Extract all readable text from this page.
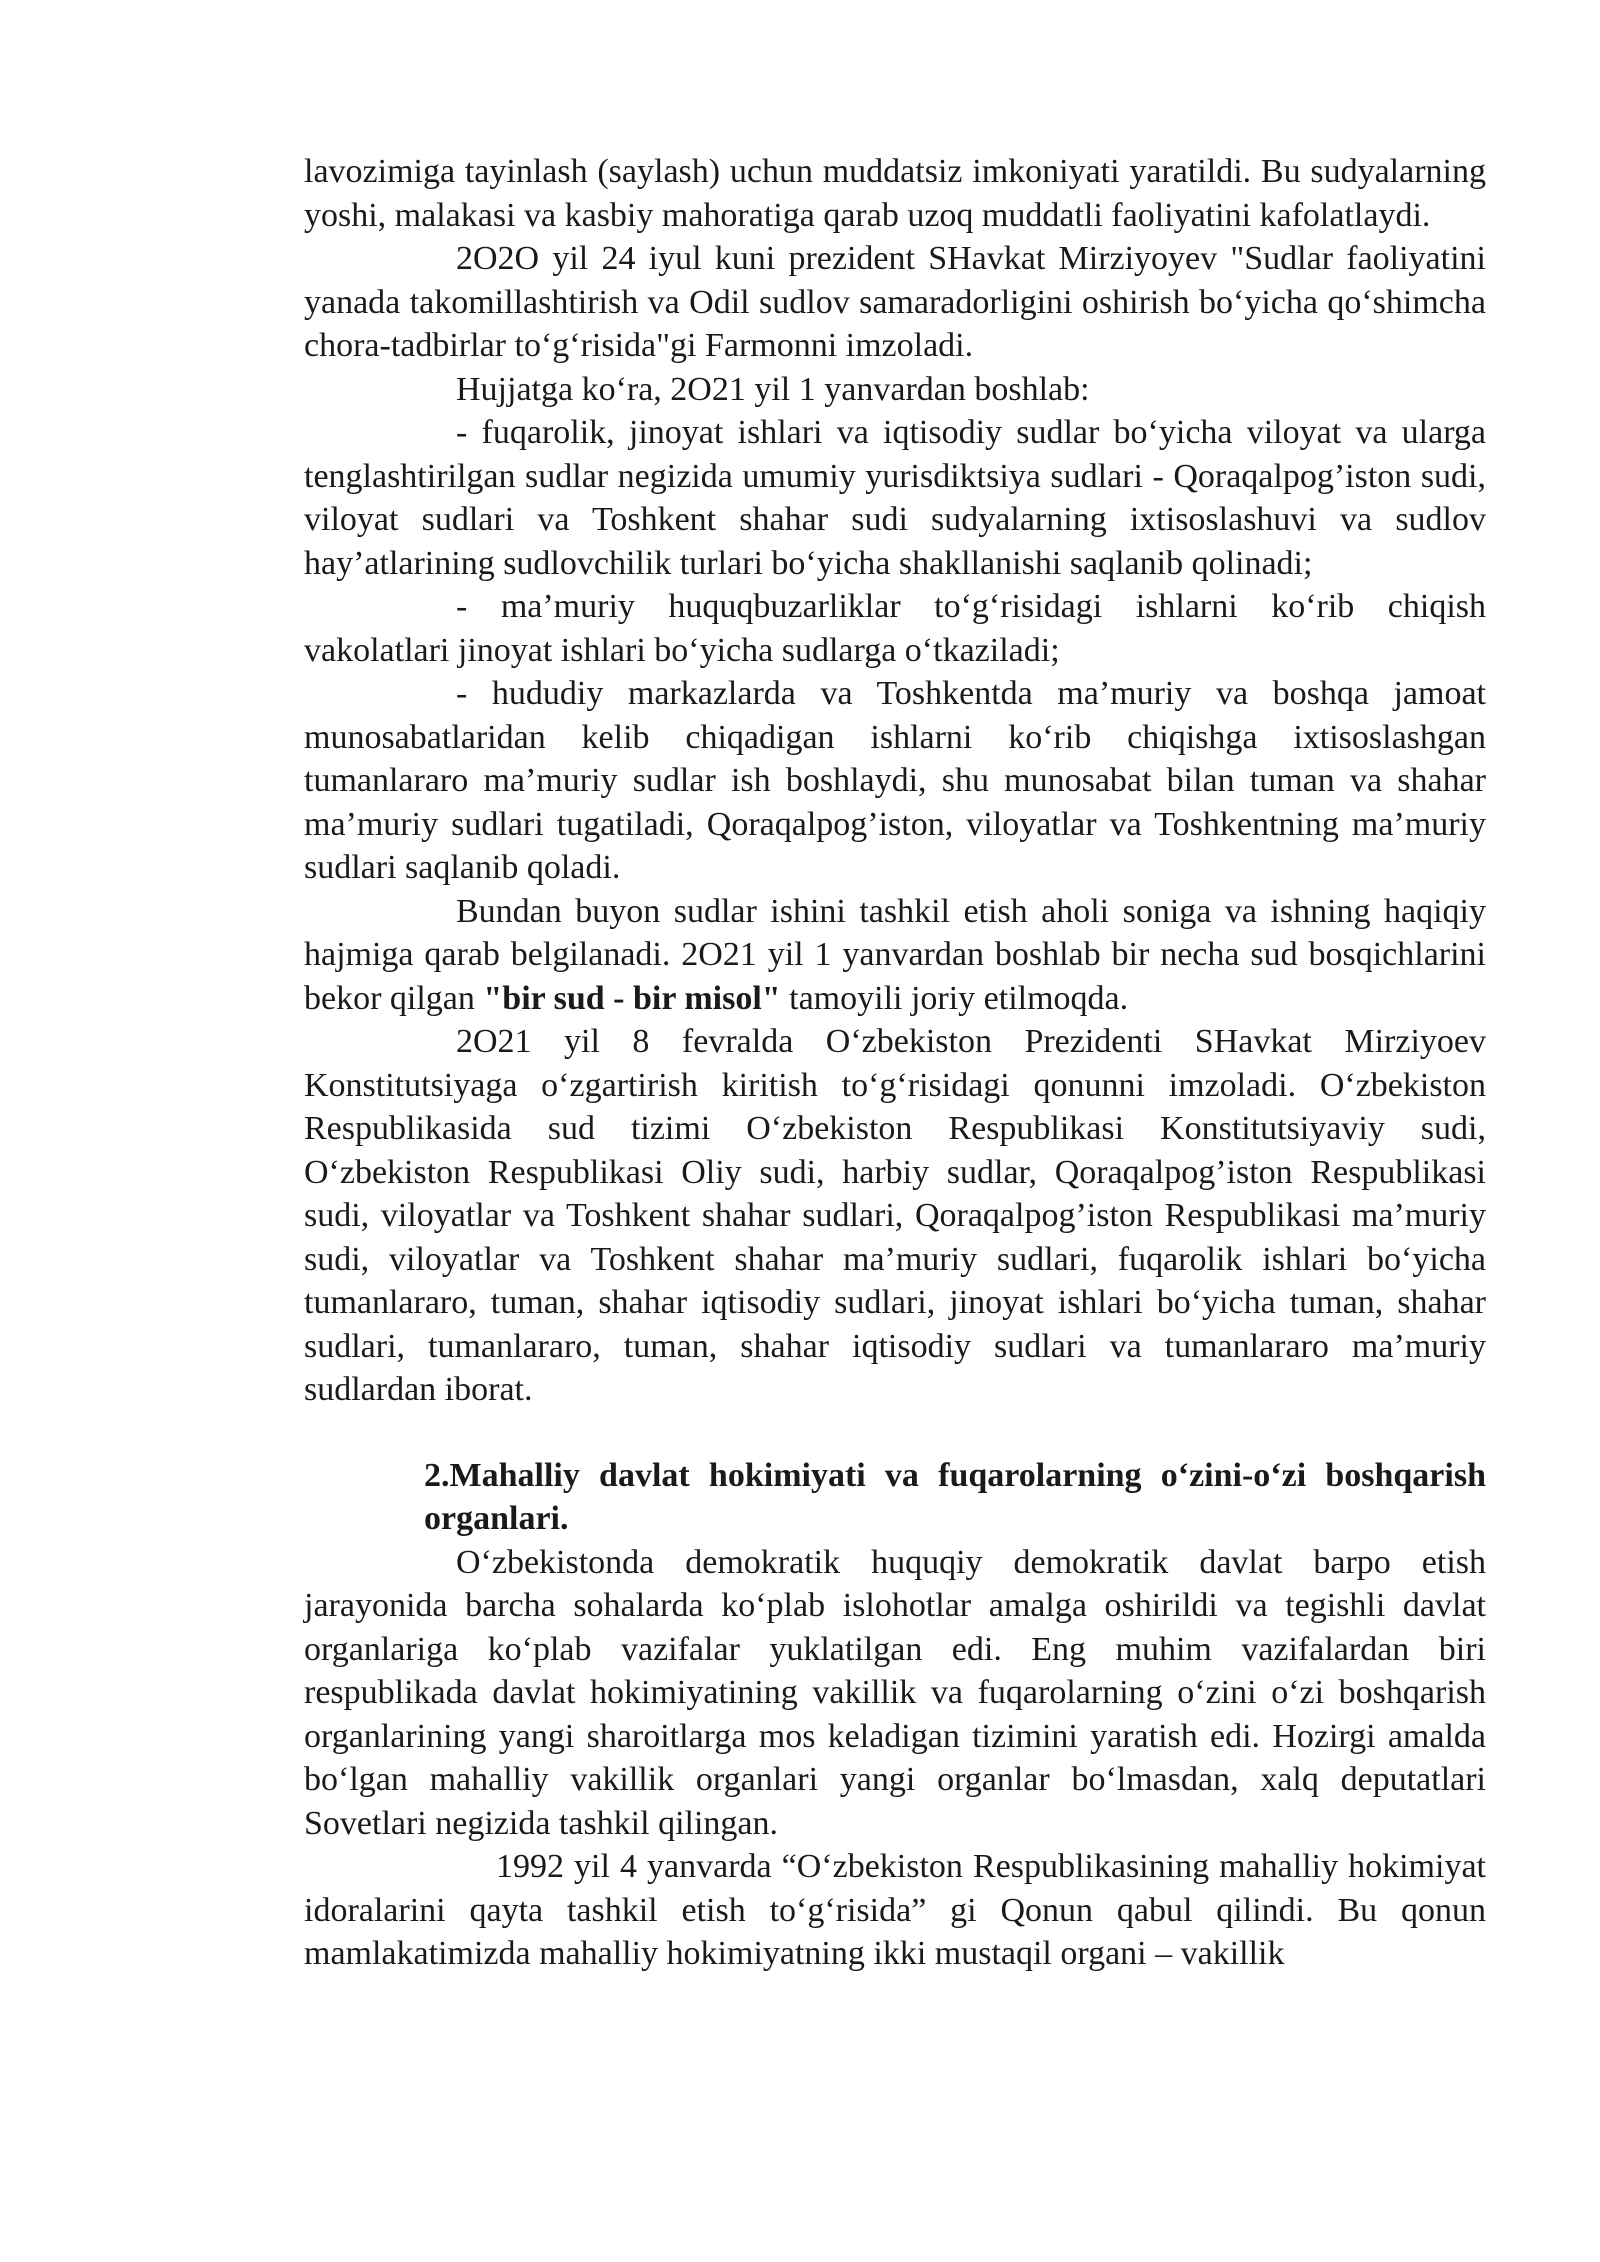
lavozimiga tayinlash (saylash) uchun muddatsiz imkoniyati yaratildi. Bu sudyalarning yoshi, malakasi va kasbiy mahoratiga qarab uzoq muddatli faoliyatini kafolatlaydi.

2O2O yil 24 iyul kuni prezident SHavkat Mirziyoyev "Sudlar faoliyatini yanada takomillashtirish va Odil sudlov samaradorligini oshirish bo‘yicha qo‘shimcha chora-tadbirlar to‘g‘risida"gi Farmonni imzoladi.

Hujjatga ko‘ra, 2O21 yil 1 yanvardan boshlab:

- fuqarolik, jinoyat ishlari va iqtisodiy sudlar bo‘yicha viloyat va ularga tenglashtirilgan sudlar negizida umumiy yurisdiktsiya sudlari - Qoraqalpog’iston sudi, viloyat sudlari va Toshkent shahar sudi sudyalarning ixtisoslashuvi va sudlov hay’atlarining sudlovchilik turlari bo‘yicha shakllanishi saqlanib qolinadi;

- ma’muriy huquqbuzarliklar to‘g‘risidagi ishlarni ko‘rib chiqish vakolatlari jinoyat ishlari bo‘yicha sudlarga o‘tkaziladi;

- hududiy markazlarda va Toshkentda ma’muriy va boshqa jamoat munosabatlaridan kelib chiqadigan ishlarni ko‘rib chiqishga ixtisoslashgan tumanlararo ma’muriy sudlar ish boshlaydi, shu munosabat bilan tuman va shahar ma’muriy sudlari tugatiladi, Qoraqalpog’iston, viloyatlar va Toshkentning ma’muriy sudlari saqlanib qoladi.

Bundan buyon sudlar ishini tashkil etish aholi soniga va ishning haqiqiy hajmiga qarab belgilanadi. 2O21 yil 1 yanvardan boshlab bir necha sud bosqichlarini bekor qilgan "bir sud - bir misol" tamoyili joriy etilmoqda.

2O21 yil 8 fevralda O‘zbekiston Prezidenti SHavkat Mirziyoev Konstitutsiyaga o‘zgartirish kiritish to‘g‘risidagi qonunni imzoladi. O‘zbekiston Respublikasida sud tizimi O‘zbekiston Respublikasi Konstitutsiyaviy sudi, O‘zbekiston Respublikasi Oliy sudi, harbiy sudlar, Qoraqalpog’iston Respublikasi sudi, viloyatlar va Toshkent shahar sudlari, Qoraqalpog’iston Respublikasi ma’muriy sudi, viloyatlar va Toshkent shahar ma’muriy sudlari, fuqarolik ishlari bo‘yicha tumanlararo, tuman, shahar iqtisodiy sudlari, jinoyat ishlari bo‘yicha tuman, shahar sudlari, tumanlararo, tuman, shahar iqtisodiy sudlari va tumanlararo ma’muriy sudlardan iborat.

2.Mahalliy davlat hokimiyati va fuqarolarning o‘zini-o‘zi boshqarish organlari.

O‘zbekistonda demokratik huquqiy demokratik davlat barpo etish jarayonida barcha sohalarda ko‘plab islohotlar amalga oshirildi va tegishli davlat organlariga ko‘plab vazifalar yuklatilgan edi. Eng muhim vazifalardan biri respublikada davlat hokimiyatining vakillik va fuqarolarning o‘zini o‘zi boshqarish organlarining yangi sharoitlarga mos keladigan tizimini yaratish edi. Hozirgi amalda bo‘lgan mahalliy vakillik organlari yangi organlar bo‘lmasdan, xalq deputatlari Sovetlari negizida tashkil qilingan.

1992 yil 4 yanvarda “O‘zbekiston Respublikasining mahalliy hokimiyat idoralarini qayta tashkil etish to‘g‘risida” gi Qonun qabul qilindi. Bu qonun mamlakatimizda mahalliy hokimiyatning ikki mustaqil organi – vakillik
